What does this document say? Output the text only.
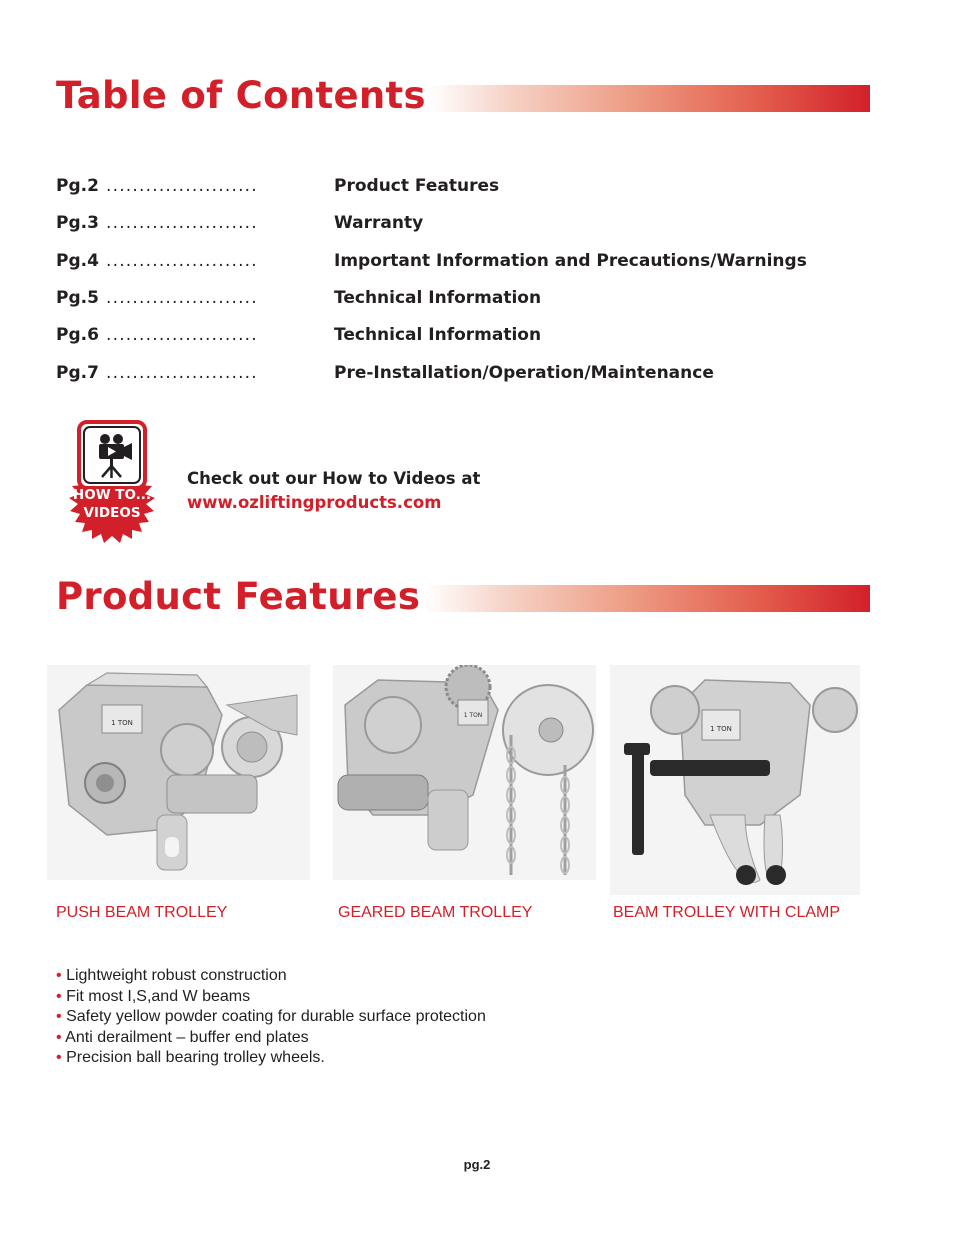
Table of Contents
Pg.2 .......................	Product Features
Pg.3 .......................	Warranty
Pg.4 .......................	Important Information and Precautions/Warnings
Pg.5 .......................	Technical Information
Pg.6 .......................	Technical Information
Pg.7 .......................	Pre-Installation/Operation/Maintenance
HOW TO...
VIDEOS
Check out our How to Videos at
www.ozliftingproducts.com
Product Features
1 TON
1 TON
1 TON
PUSH BEAM TROLLEY	GEARED BEAM TROLLEY	BEAM TROLLEY WITH CLAMP
• Lightweight robust construction
• Fit most I,S,and W beams
• Safety yellow powder coating for durable surface protection
• Anti derailment – buffer end plates
• Precision ball bearing trolley wheels.
pg.2
